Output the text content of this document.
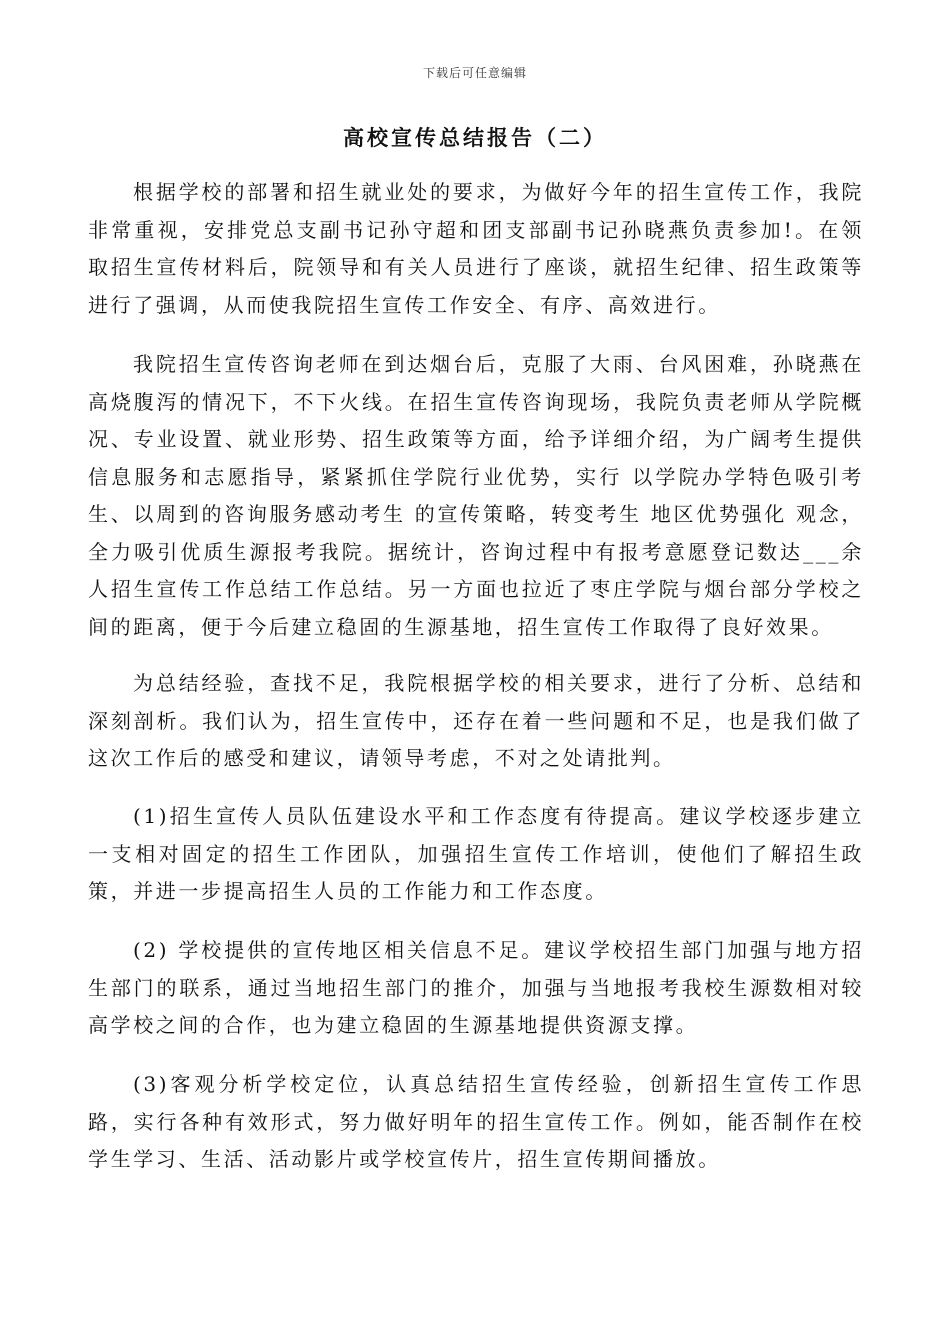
下载后可任意编辑
高校宣传总结报告（二）

根据学校的部署和招生就业处的要求，为做好今年的招生宣传工作，我院非常重视，安排党总支副书记孙守超和团支部副书记孙晓燕负责参加!。在领取招生宣传材料后，院领导和有关人员进行了座谈，就招生纪律、招生政策等进行了强调，从而使我院招生宣传工作安全、有序、高效进行。

我院招生宣传咨询老师在到达烟台后，克服了大雨、台风困难，孙晓燕在高烧腹泻的情况下，不下火线。在招生宣传咨询现场，我院负责老师从学院概况、专业设置、就业形势、招生政策等方面，给予详细介绍，为广阔考生提供信息服务和志愿指导，紧紧抓住学院行业优势，实行 以学院办学特色吸引考生、以周到的咨询服务感动考生 的宣传策略，转变考生 地区优势强化 观念，全力吸引优质生源报考我院。据统计，咨询过程中有报考意愿登记数达___余人招生宣传工作总结工作总结。另一方面也拉近了枣庄学院与烟台部分学校之间的距离，便于今后建立稳固的生源基地，招生宣传工作取得了良好效果。

为总结经验，查找不足，我院根据学校的相关要求，进行了分析、总结和深刻剖析。我们认为，招生宣传中，还存在着一些问题和不足，也是我们做了这次工作后的感受和建议，请领导考虑，不对之处请批判。

(1)招生宣传人员队伍建设水平和工作态度有待提高。建议学校逐步建立一支相对固定的招生工作团队，加强招生宣传工作培训，使他们了解招生政策，并进一步提高招生人员的工作能力和工作态度。

(2) 学校提供的宣传地区相关信息不足。建议学校招生部门加强与地方招生部门的联系，通过当地招生部门的推介，加强与当地报考我校生源数相对较高学校之间的合作，也为建立稳固的生源基地提供资源支撑。

(3)客观分析学校定位，认真总结招生宣传经验，创新招生宣传工作思路，实行各种有效形式，努力做好明年的招生宣传工作。例如，能否制作在校学生学习、生活、活动影片或学校宣传片，招生宣传期间播放。
